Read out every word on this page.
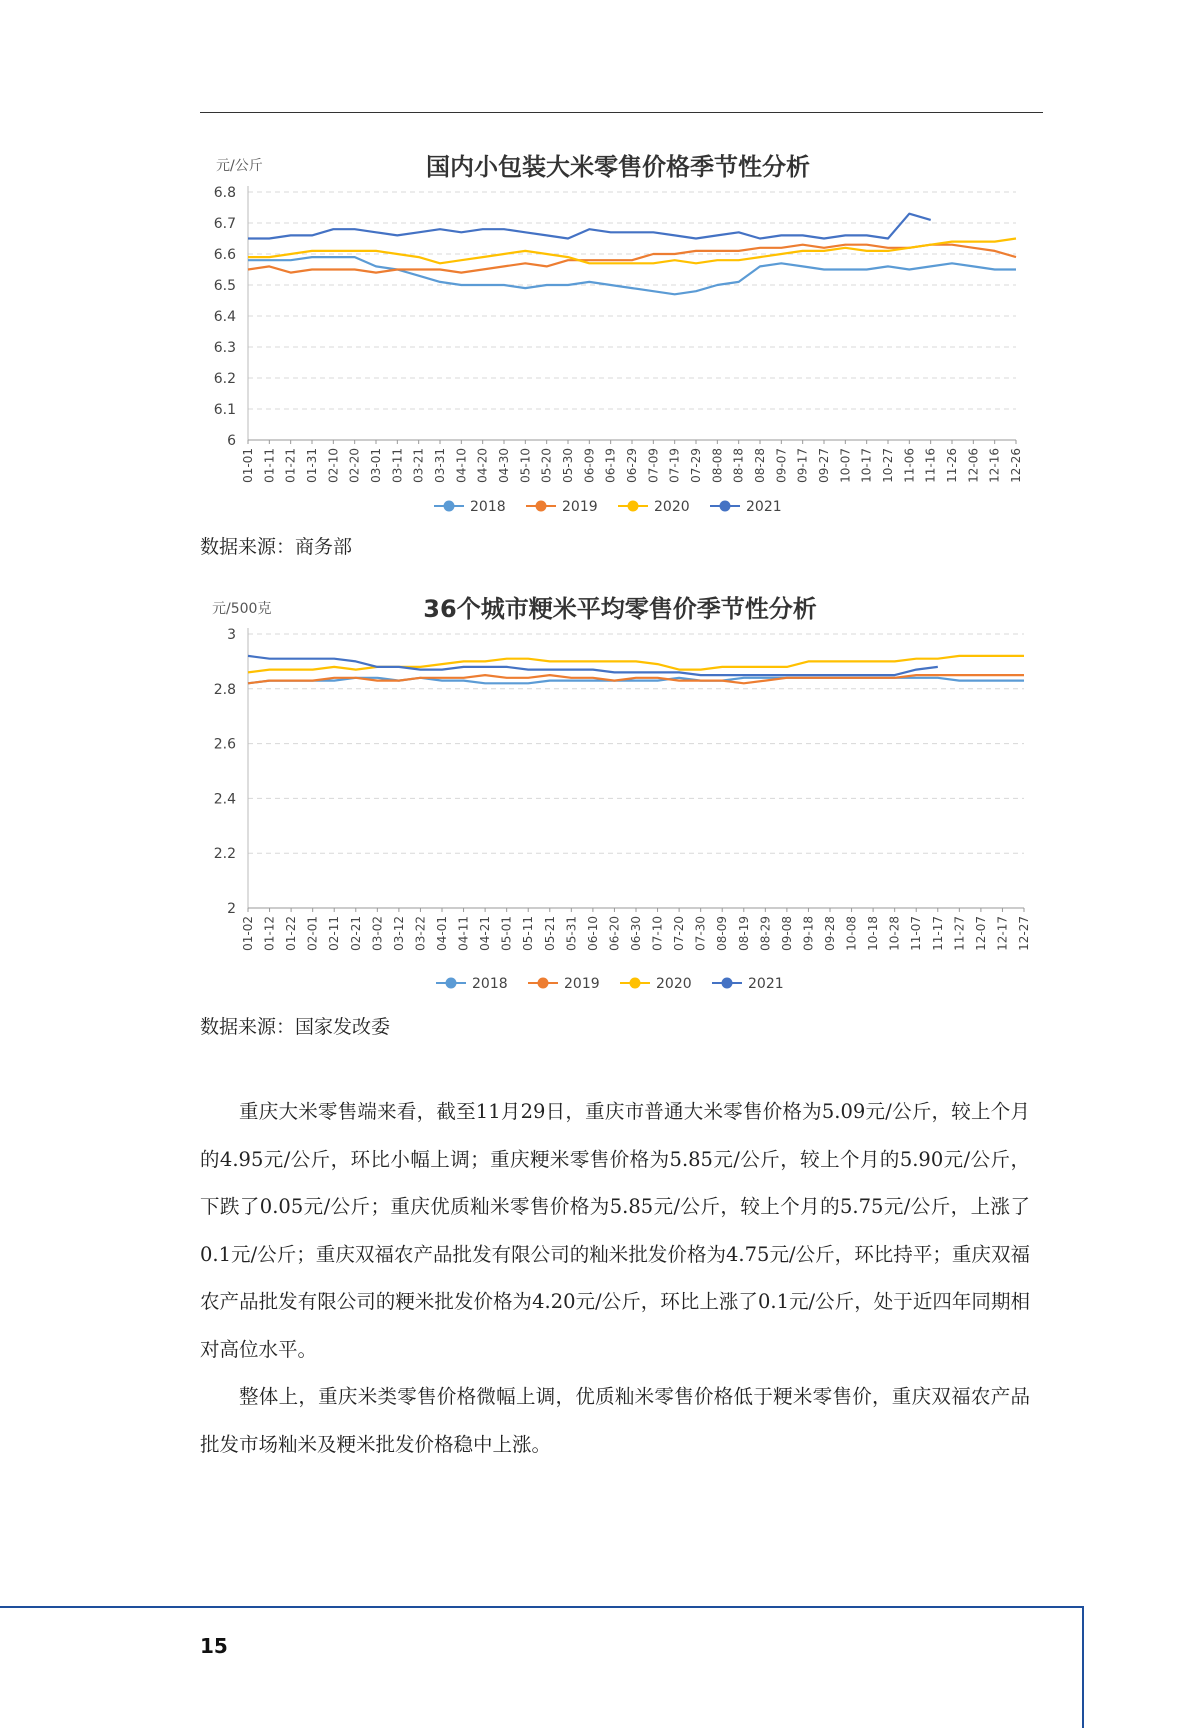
国内小包装大米零售价格季节性分析
元/公斤
6
6.1
6.2
6.3
6.4
6.5
6.6
6.7
6.8
01-01 01-11 01-21 01-31 02-10 02-20 03-01 03-11 03-21 03-31 04-10 04-20 04-30 05-10 05-20 05-30 06-09 06-19 06-29 07-09 07-19 07-29 08-08 08-18 08-28 09-07 09-17 09-27 10-07 10-17 10-27 11-06 11-16 11-26 12-06 12-16 12-26
2018	2019	2020	2021
数据来源：商务部
36个城市粳米平均零售价季节性分析
元/500克
2
2.2
2.4
2.6
2.8
3
01-02 01-12 01-22 02-01 02-11 02-21 03-02 03-12 03-22 04-01 04-11 04-21 05-01 05-11 05-21 05-31 06-10 06-20 06-30 07-10 07-20 07-30 08-09 08-19 08-29 09-08 09-18 09-28 10-08 10-18 10-28 11-07 11-17 11-27 12-07 12-17 12-27
2018	2019	2020	2021
数据来源：国家发改委

重庆大米零售端来看，截至11月29日，重庆市普通大米零售价格为5.09元/公斤，较上个月的4.95元/公斤，环比小幅上调；重庆粳米零售价格为5.85元/公斤，较上个月的5.90元/公斤，下跌了0.05元/公斤；重庆优质籼米零售价格为5.85元/公斤，较上个月的5.75元/公斤，上涨了0.1元/公斤；重庆双福农产品批发有限公司的籼米批发价格为4.75元/公斤，环比持平；重庆双福农产品批发有限公司的粳米批发价格为4.20元/公斤，环比上涨了0.1元/公斤，处于近四年同期相对高位水平。

整体上，重庆米类零售价格微幅上调，优质籼米零售价格低于粳米零售价，重庆双福农产品批发市场籼米及粳米批发价格稳中上涨。

15
